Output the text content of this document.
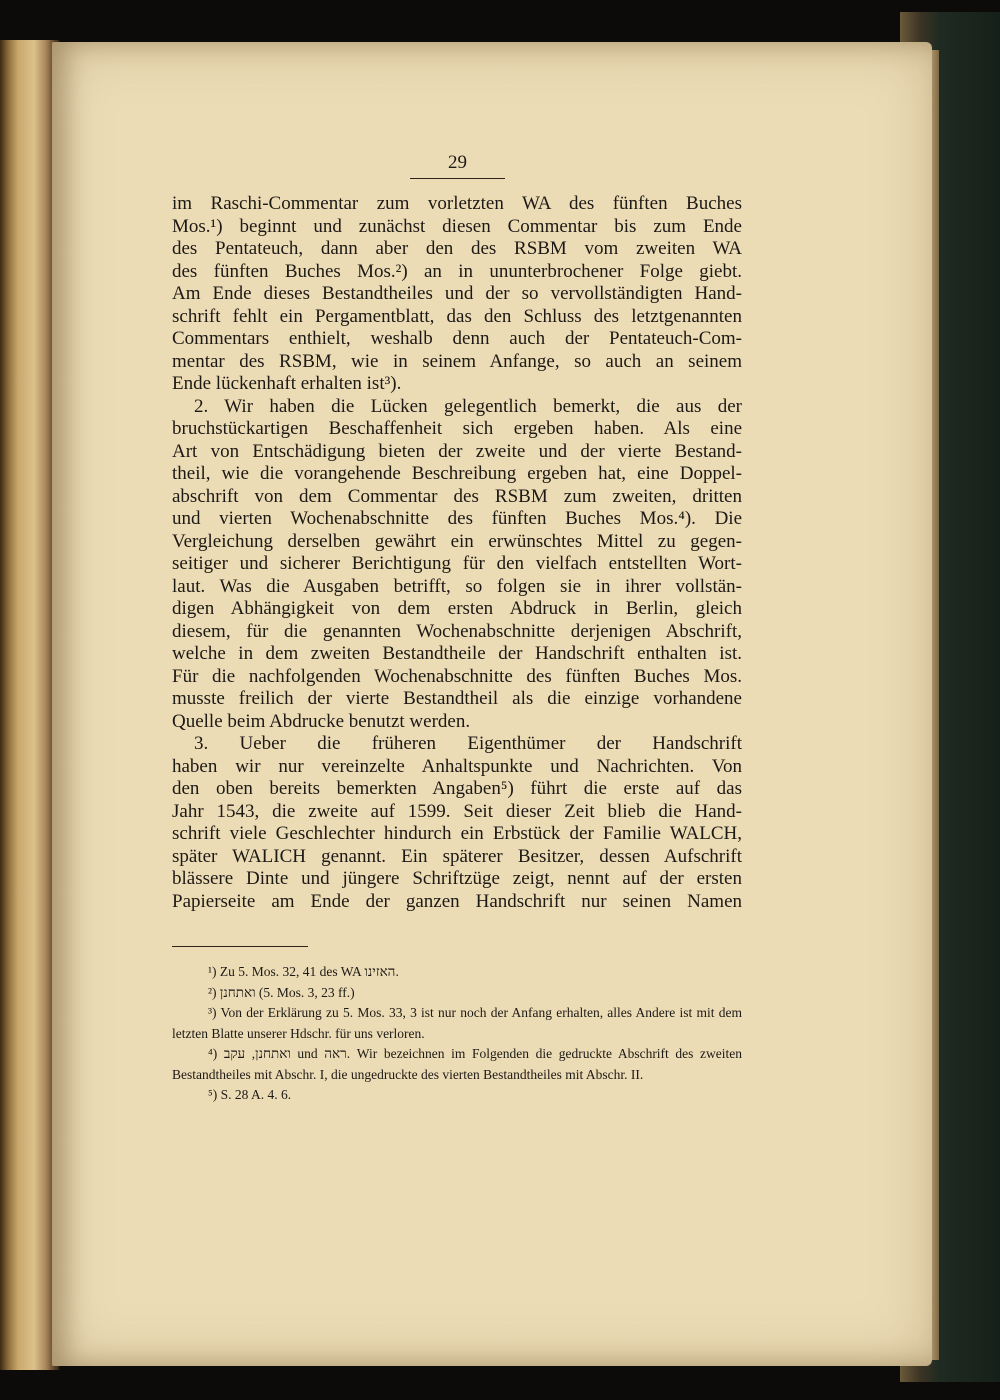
29

im Raschi-Commentar zum vorletzten WA des fünften Buches

Mos.¹) beginnt und zunächst diesen Commentar bis zum Ende

des Pentateuch, dann aber den des RSBM vom zweiten WA

des fünften Buches Mos.²) an in ununterbrochener Folge giebt.

Am Ende dieses Bestandtheiles und der so vervollständigten Hand-

schrift fehlt ein Pergamentblatt, das den Schluss des letztgenannten

Commentars enthielt, weshalb denn auch der Pentateuch-Com-

mentar des RSBM, wie in seinem Anfange, so auch an seinem

Ende lückenhaft erhalten ist³).

2. Wir haben die Lücken gelegentlich bemerkt, die aus der

bruchstückartigen Beschaffenheit sich ergeben haben. Als eine

Art von Entschädigung bieten der zweite und der vierte Bestand-

theil, wie die vorangehende Beschreibung ergeben hat, eine Doppel-

abschrift von dem Commentar des RSBM zum zweiten, dritten

und vierten Wochenabschnitte des fünften Buches Mos.⁴). Die

Vergleichung derselben gewährt ein erwünschtes Mittel zu gegen-

seitiger und sicherer Berichtigung für den vielfach entstellten Wort-

laut. Was die Ausgaben betrifft, so folgen sie in ihrer vollstän-

digen Abhängigkeit von dem ersten Abdruck in Berlin, gleich

diesem, für die genannten Wochenabschnitte derjenigen Abschrift,

welche in dem zweiten Bestandtheile der Handschrift enthalten ist.

Für die nachfolgenden Wochenabschnitte des fünften Buches Mos.

musste freilich der vierte Bestandtheil als die einzige vorhandene

Quelle beim Abdrucke benutzt werden.

3. Ueber die früheren Eigenthümer der Handschrift

haben wir nur vereinzelte Anhaltspunkte und Nachrichten. Von

den oben bereits bemerkten Angaben⁵) führt die erste auf das

Jahr 1543, die zweite auf 1599. Seit dieser Zeit blieb die Hand-

schrift viele Geschlechter hindurch ein Erbstück der Familie WALCH,

später WALICH genannt. Ein späterer Besitzer, dessen Aufschrift

blässere Dinte und jüngere Schriftzüge zeigt, nennt auf der ersten

Papierseite am Ende der ganzen Handschrift nur seinen Namen

¹) Zu 5. Mos. 32, 41 des WA האזינו.

²) ואתחנן (5. Mos. 3, 23 ff.)

³) Von der Erklärung zu 5. Mos. 33, 3 ist nur noch der Anfang erhalten, alles Andere ist mit dem letzten Blatte unserer Hdschr. für uns verloren.

⁴) ואתחנן, עקב und ראה. Wir bezeichnen im Folgenden die gedruckte Abschrift des zweiten Bestandtheiles mit Abschr. I, die ungedruckte des vierten Bestandtheiles mit Abschr. II.

⁵) S. 28 A. 4. 6.
